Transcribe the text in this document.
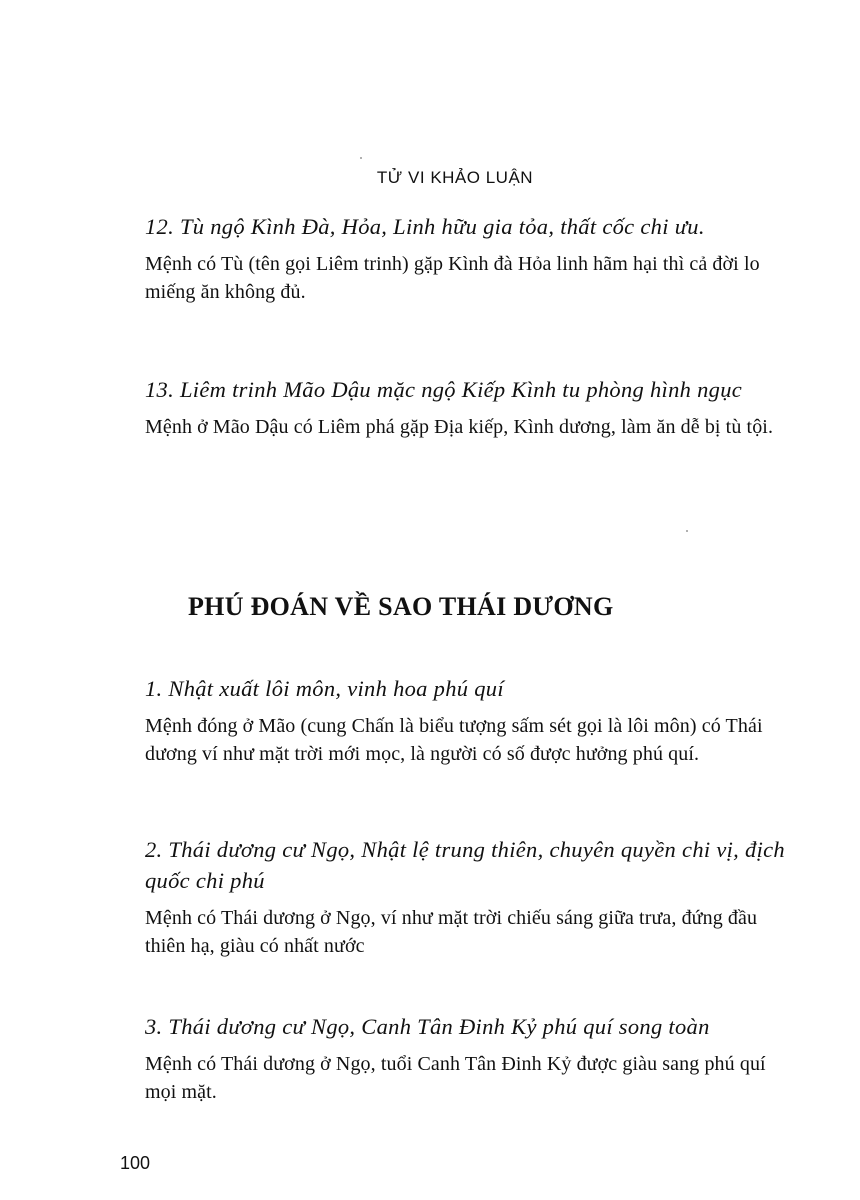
TỬ VI KHẢO LUẬN

12. Tù ngộ Kình Đà, Hỏa, Linh hữu gia tỏa, thất cốc chi ưu.

Mệnh có Tù (tên gọi Liêm trinh) gặp Kình đà Hỏa linh hãm hại thì cả đời lo miếng ăn không đủ.

13. Liêm trinh Mão Dậu mặc ngộ Kiếp Kình tu phòng hình ngục

Mệnh ở Mão Dậu có Liêm phá gặp Địa kiếp, Kình dương, làm ăn dễ bị tù tội.

PHÚ ĐOÁN VỀ SAO THÁI DƯƠNG

1. Nhật xuất lôi môn, vinh hoa phú quí

Mệnh đóng ở Mão (cung Chấn là biểu tượng sấm sét gọi là lôi môn) có Thái dương ví như mặt trời mới mọc, là người có số được hưởng phú quí.

2. Thái dương cư Ngọ, Nhật lệ trung thiên, chuyên quyền chi vị, địch quốc chi phú

Mệnh có Thái dương ở Ngọ, ví như mặt trời chiếu sáng giữa trưa, đứng đầu thiên hạ, giàu có nhất nước

3. Thái dương cư Ngọ, Canh Tân Đinh Kỷ phú quí song toàn

Mệnh có Thái dương ở Ngọ, tuổi Canh Tân Đinh Kỷ được giàu sang phú quí mọi mặt.

100
